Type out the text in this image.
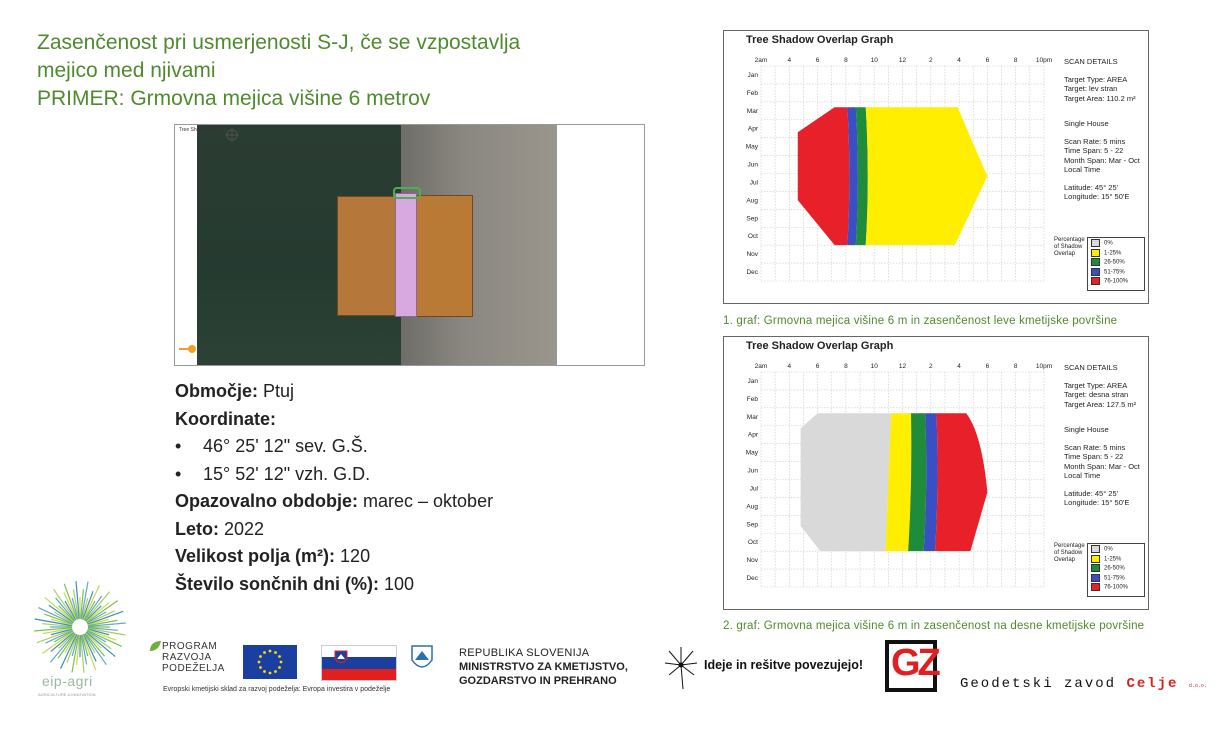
Zasenčenost pri usmerjenosti S-J, če se vzpostavlja
mejico med njivami
PRIMER: Grmovna mejica višine 6 metrov
Tree Shadow Plot
Območje: Ptuj
Koordinate:
• 46° 25' 12" sev. G.Š.
• 15° 52' 12" vzh. G.D.
Opazovalno obdobje: marec – oktober
Leto: 2022
Velikost polja (m²): 120
Število sončnih dni (%): 100
Tree Shadow Overlap Graph
2am	4	6	8	10	12	2	4	6	8	10pm
Jan
Feb
Mar
Apr
May
Jun
Jul
Aug
Sep
Oct
Nov
Dec
SCAN DETAILS
Target Type: AREA
Target: lev stran
Target Area: 110.2 m²
Single House
Scan Rate: 5 mins
Time Span: 5 - 22
Month Span: Mar - Oct
Local Time
Latitude: 45° 25'
Longitude: 15° 50'E
Percentage
of Shadow
Overlap
0%
1-25%
26-50%
51-75%
76-100%
1. graf: Grmovna mejica višine 6 m in zasenčenost leve kmetijske površine
Tree Shadow Overlap Graph
2am	4	6	8	10	12	2	4	6	8	10pm
Jan
Feb
Mar
Apr
May
Jun
Jul
Aug
Sep
Oct
Nov
Dec
SCAN DETAILS
Target Type: AREA
Target: desna stran
Target Area: 127.5 m²
Single House
Scan Rate: 5 mins
Time Span: 5 - 22
Month Span: Mar - Oct
Local Time
Latitude: 45° 25'
Longitude: 15° 50'E
Percentage
of Shadow
Overlap
0%
1-25%
26-50%
51-75%
76-100%
2. graf: Grmovna mejica višine 6 m in zasenčenost na desne kmetijske površine
eip-agri
AGRICULTURE & INNOVATION
PROGRAM
RAZVOJA
PODEŽELJA
Evropski kmetijski sklad za razvoj podeželja: Evropa investira v podeželje
REPUBLIKA SLOVENIJA
MINISTRSTVO ZA KMETIJSTVO,
GOZDARSTVO IN PREHRANO
Ideje in rešitve povezujejo! GZ Geodetski zavod Celje d.o.o.
